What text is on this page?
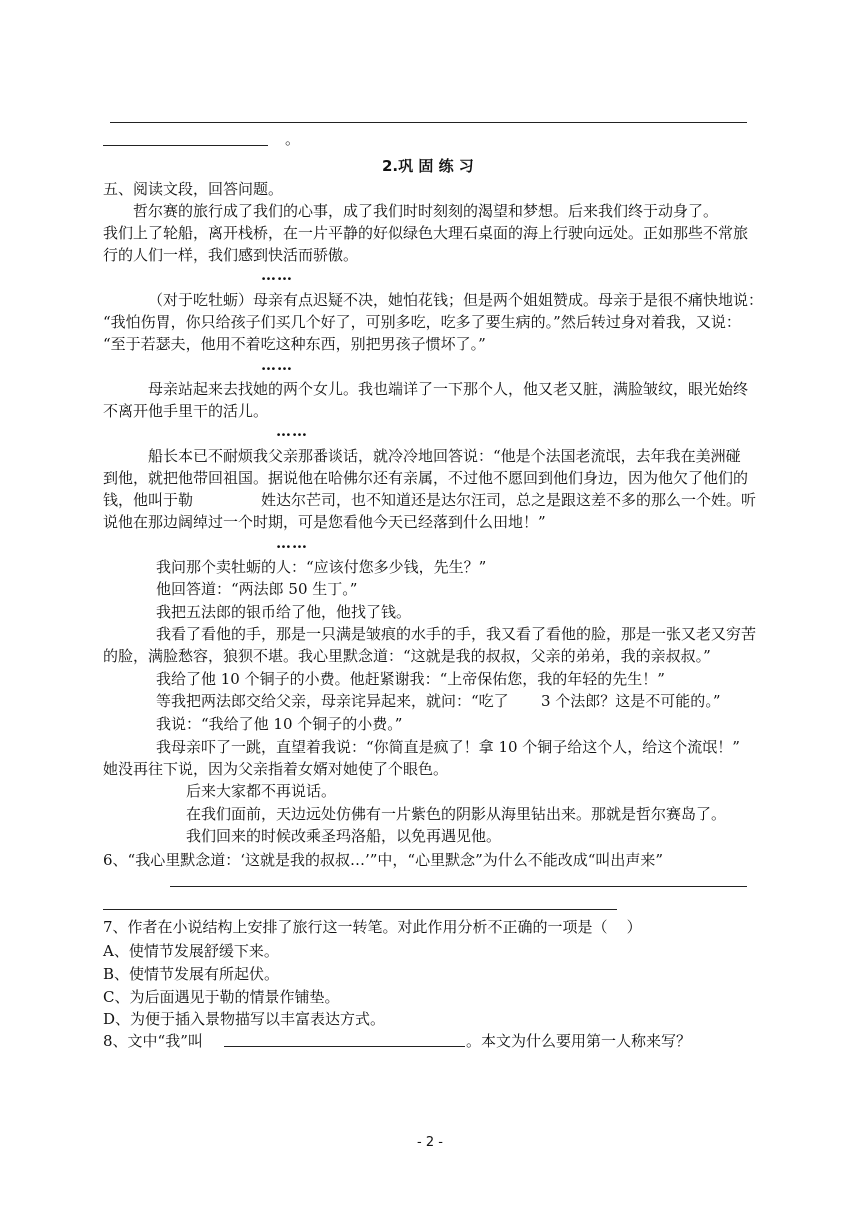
。
2.巩 固 练 习
五、阅读文段，回答问题。
哲尔赛的旅行成了我们的心事，成了我们时时刻刻的渴望和梦想。后来我们终于动身了。
我们上了轮船，离开栈桥，在一片平静的好似绿色大理石桌面的海上行驶向远处。正如那些不常旅
行的人们一样，我们感到快活而骄傲。
……
（对于吃牡蛎）母亲有点迟疑不决，她怕花钱；但是两个姐姐赞成。母亲于是很不痛快地说：
“我怕伤胃，你只给孩子们买几个好了，可别多吃，吃多了要生病的。”然后转过身对着我，又说：
“至于若瑟夫，他用不着吃这种东西，别把男孩子惯坏了。”
……
母亲站起来去找她的两个女儿。我也端详了一下那个人，他又老又脏，满脸皱纹，眼光始终
不离开他手里干的活儿。
……
船长本已不耐烦我父亲那番谈话，就冷冷地回答说：“他是个法国老流氓，去年我在美洲碰
到他，就把他带回祖国。据说他在哈佛尔还有亲属，不过他不愿回到他们身边，因为他欠了他们的
钱，他叫于勒	姓达尔芒司，也不知道还是达尔汪司，总之是跟这差不多的那么一个姓。听
说他在那边阔绰过一个时期，可是您看他今天已经落到什么田地！”
……
我问那个卖牡蛎的人：“应该付您多少钱，先生？”
他回答道：“两法郎 50 生丁。”
我把五法郎的银币给了他，他找了钱。
我看了看他的手，那是一只满是皱痕的水手的手，我又看了看他的脸，那是一张又老又穷苦
的脸，满脸愁容，狼狈不堪。我心里默念道：“这就是我的叔叔，父亲的弟弟，我的亲叔叔。”
我给了他 10 个铜子的小费。他赶紧谢我：“上帝保佑您，我的年轻的先生！”
等我把两法郎交给父亲，母亲诧异起来，就问：“吃了 3 个法郎？这是不可能的。”
我说：“我给了他 10 个铜子的小费。”
我母亲吓了一跳，直望着我说：“你简直是疯了！拿 10 个铜子给这个人，给这个流氓！”
她没再往下说，因为父亲指着女婿对她使了个眼色。
后来大家都不再说话。
在我们面前，天边远处仿佛有一片紫色的阴影从海里钻出来。那就是哲尔赛岛了。
我们回来的时候改乘圣玛洛船，以免再遇见他。
6、“我心里默念道：‘这就是我的叔叔…’”中，“心里默念”为什么不能改成“叫出声来”
7、作者在小说结构上安排了旅行这一转笔。对此作用分析不正确的一项是（    ）
A、使情节发展舒缓下来。
B、使情节发展有所起伏。
C、为后面遇见于勒的情景作铺垫。
D、为便于插入景物描写以丰富表达方式。
8、文中“我”叫	。本文为什么要用第一人称来写？
- 2 -
